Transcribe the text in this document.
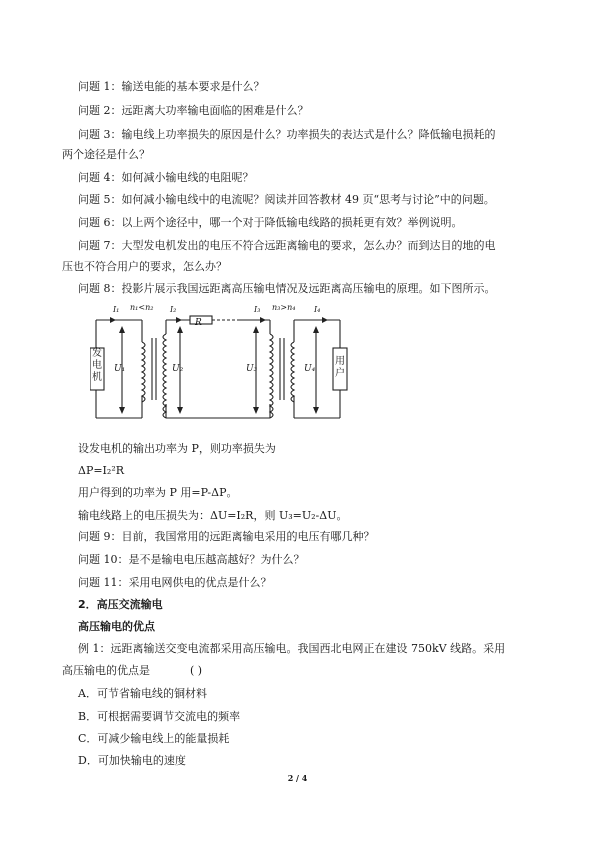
问题 1：输送电能的基本要求是什么？
问题 2：远距离大功率输电面临的困难是什么？
问题 3：输电线上功率损失的原因是什么？功率损失的表达式是什么？降低输电损耗的
两个途径是什么？
问题 4：如何减小输电线的电阻呢？
问题 5：如何减小输电线中的电流呢？阅读并回答教材 49 页“思考与讨论”中的问题。
问题 6：以上两个途径中，哪一个对于降低输电线路的损耗更有效？举例说明。
问题 7：大型发电机发出的电压不符合远距离输电的要求，怎么办？而到达目的地的电
压也不符合用户的要求，怎么办？
问题 8：投影片展示我国远距离高压输电情况及远距离高压输电的原理。如下图所示。
发电机
用户
R
I₁	I₂	I₃	I₄
n₁<n₂	n₃>n₄
U₁	U₂	U₃	U₄
设发电机的输出功率为 P，则功率损失为
ΔP=I₂²R
用户得到的功率为 P 用=P-ΔP。
输电线路上的电压损失为：ΔU=I₂R，则 U₃=U₂-ΔU。
问题 9：目前，我国常用的远距离输电采用的电压有哪几种？
问题 10：是不是输电电压越高越好？为什么？
问题 11：采用电网供电的优点是什么？
2．高压交流输电
高压输电的优点
例 1：远距离输送交变电流都采用高压输电。我国西北电网正在建设 750kV 线路。采用
高压输电的优点是	( )
A．可节省输电线的铜材料
B．可根据需要调节交流电的频率
C．可减少输电线上的能量损耗
D．可加快输电的速度
2 / 4
